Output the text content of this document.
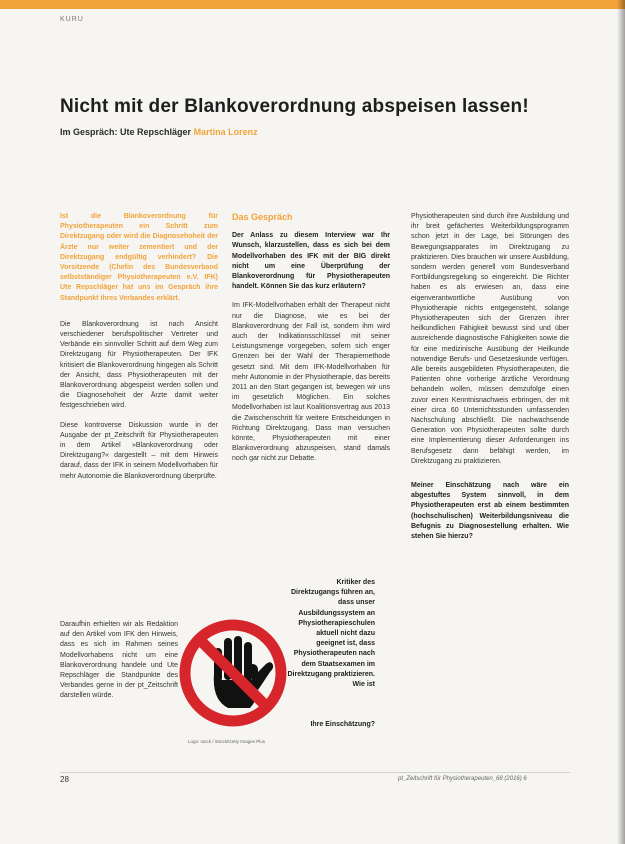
KURU
Nicht mit der Blankoverordnung abspeisen lassen!
Im Gespräch: Ute Repschläger Martina Lorenz

Ist die Blankoverordnung für Physiotherapeuten ein Schritt zum Direktzugang oder wird die Diagnosehoheit der Ärzte nur weiter zementiert und der Direktzugang endgültig verhindert? Die Vorsitzende (Chefin des Bundesverband selbstständiger Physiotherapeuten e.V. IFK) Ute Repschläger hat uns im Gespräch ihre Standpunkt ihres Verbandes erklärt.

Die Blankoverordnung ist nach Ansicht verschiedener berufspolitischer Vertreter und Verbände ein sinnvoller Schritt auf dem Weg zum Direktzugang für Physiotherapeuten. Der IFK kritisiert die Blankoverordnung hingegen als Schritt der Ansicht, dass Physiotherapeuten mit der Blankoverordnung abgespeist werden sollen und die Diagnosehoheit der Ärzte damit weiter festgeschrieben wird.

Diese kontroverse Diskussion wurde in der Ausgabe der pt_Zeitschrift für Physiotherapeuten in dem Artikel »Blankoverordnung oder Direktzugang?« dargestellt – mit dem Hinweis darauf, dass der IFK in seinem Modellvorhaben für mehr Autonomie die Blankoverordnung überprüfte.

Daraufhin erhielten wir als Redaktion auf den Artikel vom IFK den Hinweis, dass es sich im Rahmen seines Modellvorhabens nicht um eine Blankoverordnung handele und Ute Repschläger die Standpunkte des Verbandes gerne in der pt_Zeitschrift darstellen würde.

Das Gespräch

Der Anlass zu diesem Interview war Ihr Wunsch, klarzustellen, dass es sich bei dem Modellvorhaben des IFK mit der BIG direkt nicht um eine Überprüfung der Blankoverordnung für Physiotherapeuten handelt. Können Sie das kurz erläutern?

Im IFK-Modellvorhaben erhält der Therapeut nicht nur die Diagnose, wie es bei der Blankoverordnung der Fall ist, sondern ihm wird auch der Indikationsschlüssel mit seiner Leistungsmenge vorgegeben, sofern sich enger Grenzen bei der Wahl der Therapiemethode gesetzt sind. Mit dem IFK-Modellvorhaben für mehr Autonomie in der Physiotherapie, das bereits 2011 an den Start gegangen ist, bewegen wir uns im gesetzlich Möglichen. Ein solches Modellvorhaben ist laut Koalitionsvertrag aus 2013 die Zwischenschritt für weitere Entscheidungen in Richtung Direktzugang. Dass man versuchen könnte, Physiotherapeuten mit einer Blankoverordnung abzuspeisen, stand damals noch gar nicht zur Debatte.

Kritiker des Direktzugangs führen an, dass unser Ausbildungssystem an Physiotherapieschulen aktuell nicht dazu geeignet ist, dass Physiotherapeuten nach dem Staatsexamen im Direktzugang praktizieren. Wie ist
Ihre Einschätzung?
Logo: stock / iStock/Getty Images Plus

Physiotherapeuten sind durch ihre Ausbildung und ihr breit gefächertes Weiterbildungsprogramm schon jetzt in der Lage, bei Störungen des Bewegungsapparates im Direktzugang zu praktizieren. Dies brauchen wir unsere Ausbildung, sondern werden generell vom Bundesverband Fortbildungsregelung so eingereicht. Die Richter haben es als erwiesen an, dass eine eigenverantwortliche Ausübung von Physiotherapie nichts entgegensteht, solange Physiotherapeuten sich der Grenzen ihrer heilkundlichen Fähigkeit bewusst sind und über ausreichende diagnostische Fähigkeiten sowie die für eine medizinische Ausübung der Heilkunde notwendige Berufs- und Gesetzeskunde verfügen. Alle bereits ausgebildeten Physiotherapeuten, die Patienten ohne vorherige ärztliche Verordnung behandeln wollen, müssen demzufolge einen zuvor einen Kenntnisnachweis erbringen, der mit einer circa 60 Unterrichtsstunden umfassenden Nachschulung abschließt. Die nachwachsende Generation von Physiotherapeuten sollte durch eine Implementierung dieser Anforderungen ins Berufsgesetz dann befähigt werden, im Direktzugang zu praktizieren.

Meiner Einschätzung nach wäre ein abgestuftes System sinnvoll, in dem Physiotherapeuten erst ab einem bestimmten (hochschulischen) Weiterbildungsniveau die Befugnis zu Diagnosestellung erhalten. Wie stehen Sie hierzu?

28	pt_Zeitschrift für Physiotherapeuten_68 (2016) 6
